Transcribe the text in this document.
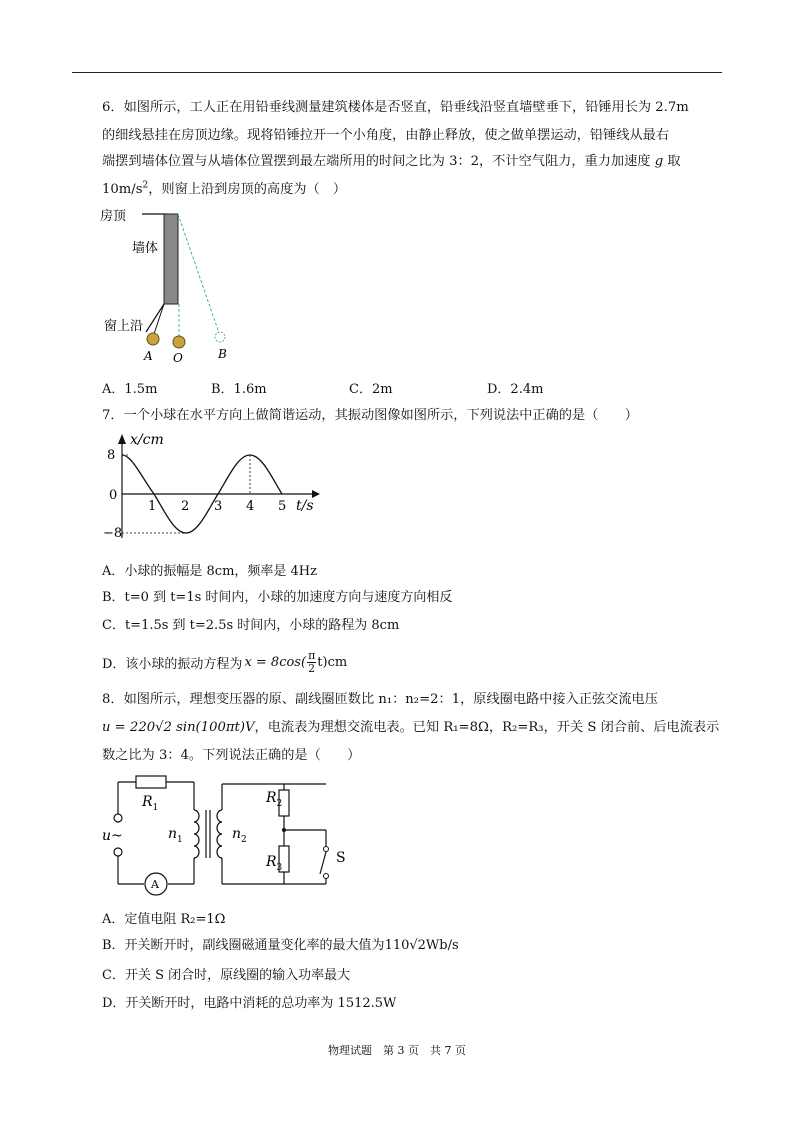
6．如图所示，工人正在用铅垂线测量建筑楼体是否竖直，铅垂线沿竖直墙壁垂下，铅锤用长为 2.7m
的细线悬挂在房顶边缘。现将铅锤拉开一个小角度，由静止释放，使之做单摆运动，铅锤线从最右
端摆到墙体位置与从墙体位置摆到最左端所用的时间之比为 3：2，不计空气阻力，重力加速度 g 取
$10m/s^2$，则窗上沿到房顶的高度为（　）
房顶
墙体
窗上沿
A O	B
A．1.5m	B．1.6m	C．2m	D．2.4m
7．一个小球在水平方向上做简谐运动，其振动图像如图所示，下列说法中正确的是（　　）
x/cm
8
0
−8
1 2 3 4 5 t/s
A．小球的振幅是 8cm，频率是 4Hz
B．t=0 到 t=1s 时间内，小球的加速度方向与速度方向相反
C．t=1.5s 到 t=2.5s 时间内，小球的路程为 8cm
D．该小球的振动方程为 x = 8cos( π
2 t)cm
8．如图所示，理想变压器的原、副线圈匝数比 n₁：n₂=2：1，原线圈电路中接入正弦交流电压
u = 220√2 sin(100πt)V，电流表为理想交流电表。已知 R₁=8Ω，R₂=R₃，开关 S 闭合前、后电流表示
数之比为 3：4。下列说法正确的是（　　）
$R_1$
$R_2$
$R_3$
$n_1$	$n_2$
u~
A
S
A．定值电阻 R₂=1Ω
B．开关断开时，副线圈磁通量变化率的最大值为110√2Wb/s
C．开关 S 闭合时，原线圈的输入功率最大
D．开关断开时，电路中消耗的总功率为 1512.5W
物理试题　第 3 页　共 7 页
